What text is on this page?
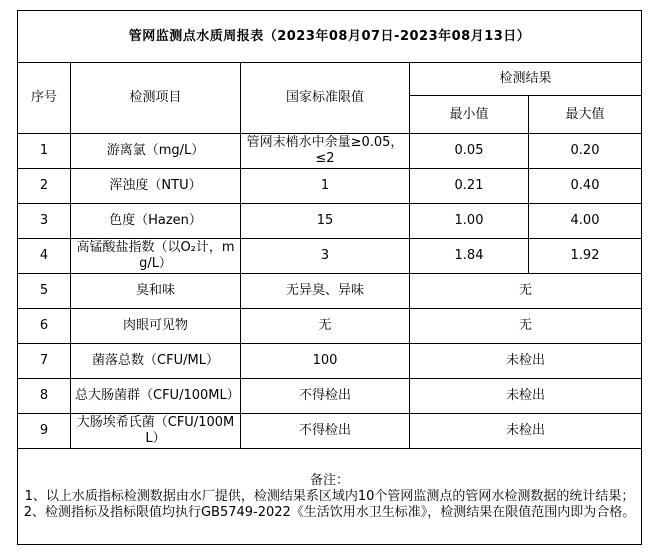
管网监测点水质周报表（2023年08月07日-2023年08月13日）				
序号	检测项目	国家标准限值	检测结果	
			最小值	最大值
1	游离氯（mg/L）	管网末梢水中余量≥0.05，≤2	0.05	0.20
2	浑浊度（NTU）	1	0.21	0.40
3	色度（Hazen）	15	1.00	4.00
4	高锰酸盐指数（以O₂计，mg/L）	3	1.84	1.92
5	臭和味	无异臭、异味	无	
6	肉眼可见物	无	无	
7	菌落总数（CFU/ML）	100	未检出	
8	总大肠菌群（CFU/100ML）	不得检出	未检出	
9	大肠埃希氏菌（CFU/100ML）	不得检出	未检出	

备注：
1、以上水质指标检测数据由水厂提供，检测结果系区域内10个管网监测点的管网水检测数据的统计结果；
2、检测指标及指标限值均执行GB5749-2022《生活饮用水卫生标准》，检测结果在限值范围内即为合格。				
